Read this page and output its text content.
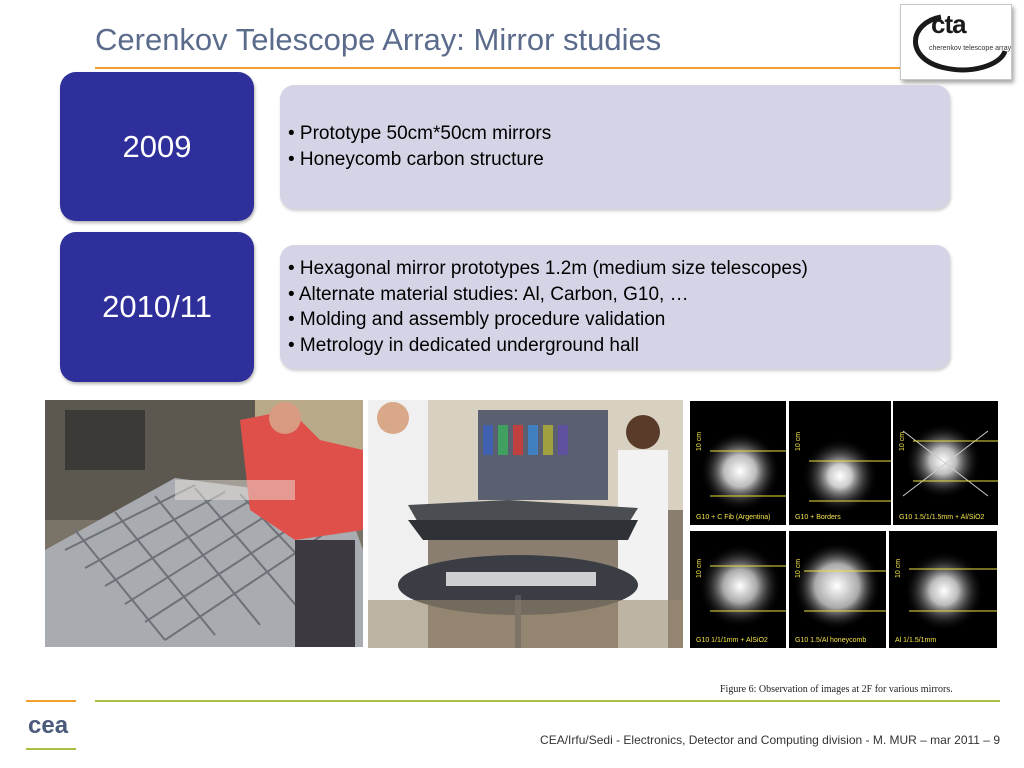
Cerenkov Telescope Array: Mirror studies	cta
cherenkov telescope array
2009	• Prototype 50cm*50cm mirrors
• Honeycomb carbon structure
2010/11
• Hexagonal mirror prototypes 1.2m (medium size telescopes)
• Alternate material studies: Al, Carbon, G10, …
• Molding and assembly procedure validation
• Metrology in dedicated underground hall
10 cm
G10 + C Fib (Argentina)
10 cm
G10 + Borders
10 cm
G10 1.5/1/1.5mm + Al/SiO2
10 cm
G10 1/1/1mm + AlSiO2
10 cm
G10 1.5/Al honeycomb
10 cm
Al 1/1.5/1mm
Figure 6: Observation of images at 2F for various mirrors.
cea
CEA/Irfu/Sedi - Electronics, Detector and Computing division - M. MUR – mar 2011 – 9
